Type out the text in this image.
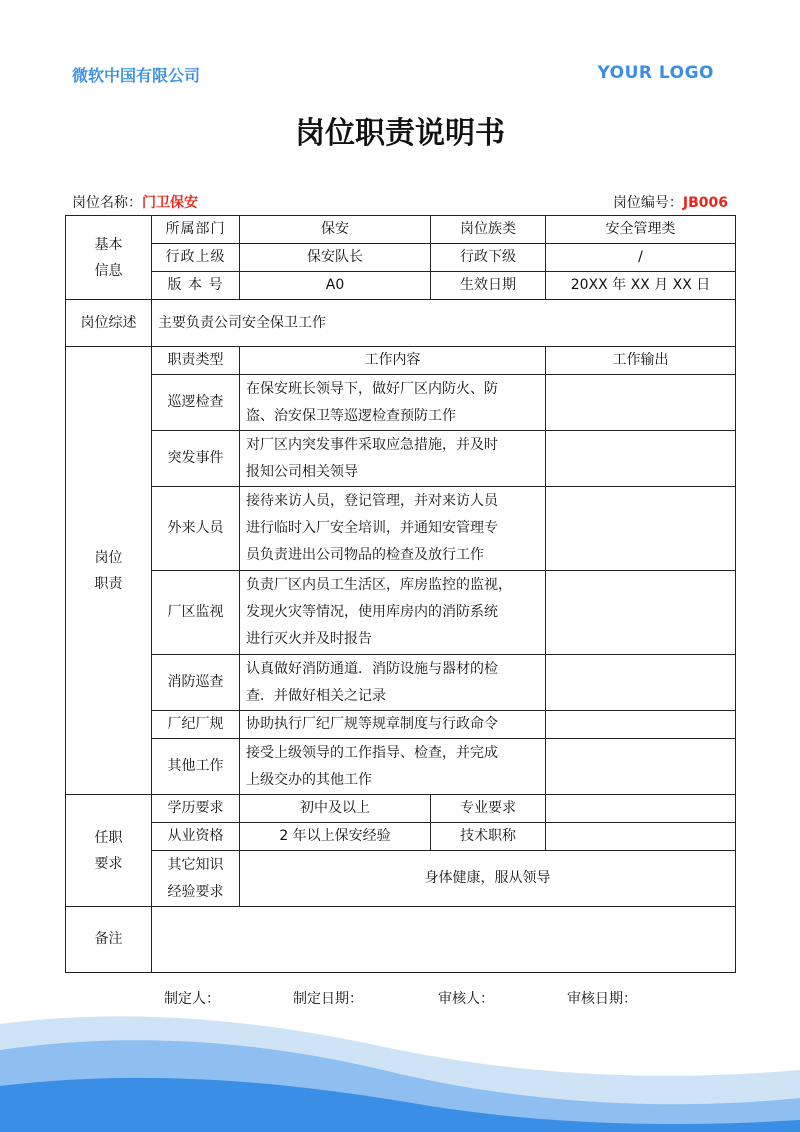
微软中国有限公司	YOUR LOGO
岗位职责说明书
岗位名称：门卫保安	岗位编号：JB006
基本
信息	所属部门	保安	岗位族类	安全管理类
	行政上级	保安队长	行政下级	/
	版 本 号	A0	生效日期	20XX 年 XX 月 XX 日
岗位综述	主要负责公司安全保卫工作			

岗位
职责	职责类型	工作内容		工作输出
	巡逻检查	在保安班长领导下，做好厂区内防火、防
盗、治安保卫等巡逻检查预防工作		

	突发事件	对厂区内突发事件采取应急措施，并及时
报知公司相关领导		

	外来人员	接待来访人员，登记管理，并对来访人员
进行临时入厂安全培训，并通知安管理专
员负责进出公司物品的检查及放行工作		

	厂区监视	负责厂区内员工生活区，库房监控的监视，
发现火灾等情况，使用库房内的消防系统
进行灭火并及时报告		

	消防巡查	认真做好消防通道．消防设施与器材的检
查．并做好相关之记录		

	厂纪厂规	协助执行厂纪厂规等规章制度与行政命令		

	其他工作	接受上级领导的工作指导、检查，并完成
上级交办的其他工作		

任职
要求	学历要求	初中及以上	专业要求	
	从业资格	2 年以上保安经验	技术职称	

	其它知识
经验要求	身体健康，服从领导		
备注				
制定人：	制定日期：	审核人：	审核日期：
